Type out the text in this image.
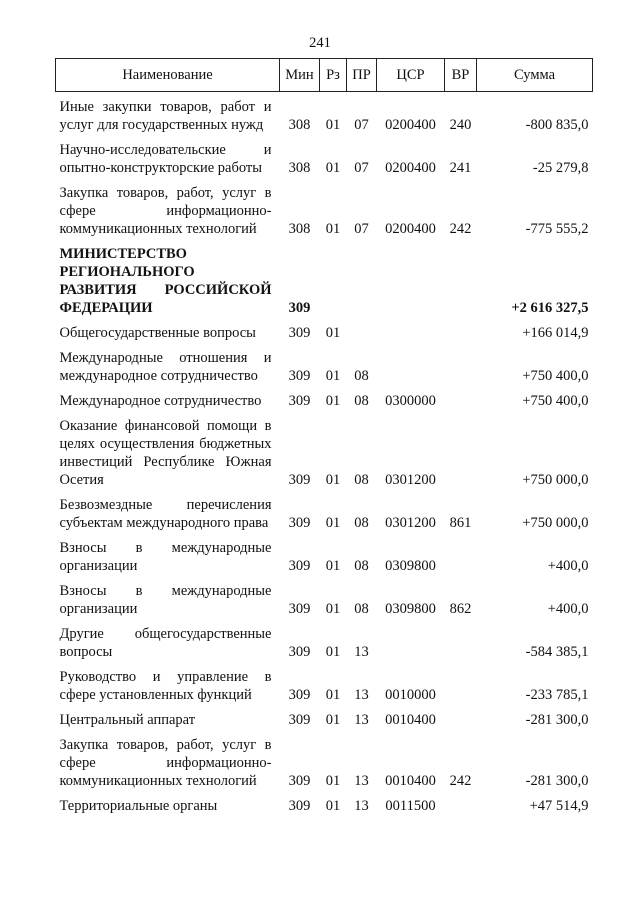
241
Наименование	Мин	Рз	ПР	ЦСР	ВР	Сумма
Иные закупки товаров, работ и услуг для государственных нужд	308	01	07	0200400	240	-800 835,0
Научно-исследовательские и опытно-конструкторские работы	308	01	07	0200400	241	-25 279,8
Закупка товаров, работ, услуг в сфере информационно-коммуникационных технологий	308	01	07	0200400	242	-775 555,2
МИНИСТЕРСТВО РЕГИОНАЛЬНОГО РАЗВИТИЯ РОССИЙСКОЙ ФЕДЕРАЦИИ	309					+2 616 327,5
Общегосударственные вопросы	309	01				+166 014,9
Международные отношения и международное сотрудничество	309	01	08			+750 400,0
Международное сотрудничество	309	01	08	0300000		+750 400,0
Оказание финансовой помощи в целях осуществления бюджетных инвестиций Республике Южная Осетия	309	01	08	0301200		+750 000,0
Безвозмездные перечисления субъектам международного права	309	01	08	0301200	861	+750 000,0
Взносы в международные организации	309	01	08	0309800		+400,0
Взносы в международные организации	309	01	08	0309800	862	+400,0
Другие общегосударственные вопросы	309	01	13			-584 385,1
Руководство и управление в сфере установленных функций	309	01	13	0010000		-233 785,1
Центральный аппарат	309	01	13	0010400		-281 300,0
Закупка товаров, работ, услуг в сфере информационно-коммуникационных технологий	309	01	13	0010400	242	-281 300,0
Территориальные органы	309	01	13	0011500		+47 514,9
